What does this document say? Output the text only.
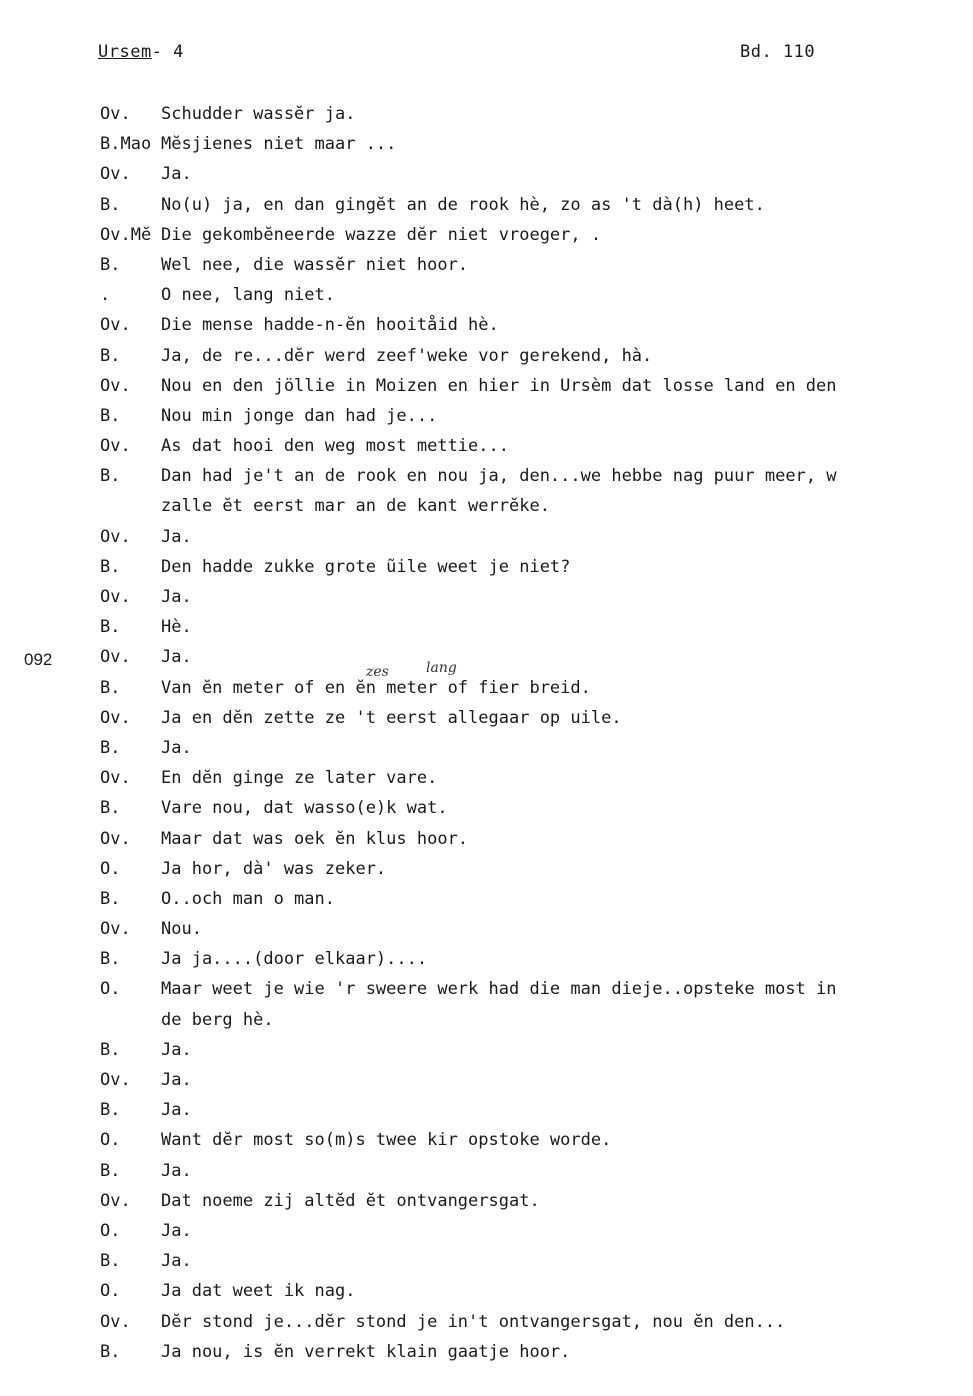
Ursem- 4	Bd. 110
092
zes	lang
Ov.	Schudder wassĕr ja.
B.Mao Mĕsjienes niet maar ...
Ov.	Ja.
B.	No(u) ja, en dan gingĕt an de rook hè, zo as 't dà(h) heet.
Ov.Mĕ Die gekombĕneerde wazze dĕr niet vroeger, .
B.	Wel nee, die wassĕr niet hoor.
.	O nee, lang niet.
Ov.	Die mense hadde-n-ĕn hooitåid hè.
B.	Ja, de re...dĕr werd zeef'weke vor gerekend, hà.
Ov.	Nou en den jöllie in Moizen en hier in Ursèm dat losse land en den
B.	Nou min jonge dan had je...
Ov.	As dat hooi den weg most mettie...
B.	Dan had je't an de rook en nou ja, den...we hebbe nag puur meer, w
zalle ĕt eerst mar an de kant werrĕke.
Ov.	Ja.
B.	Den hadde zukke grote ũile weet je niet?
Ov.	Ja.
B.	Hè.
Ov.	Ja.
B.	Van ĕn meter of en ĕn meter of fier breid.
Ov.	Ja en dĕn zette ze 't eerst allegaar op uile.
B.	Ja.
Ov.	En dĕn ginge ze later vare.
B.	Vare nou, dat wasso(e)k wat.
Ov.	Maar dat was oek ĕn klus hoor.
O.	Ja hor, dà' was zeker.
B.	O..och man o man.
Ov.	Nou.
B.	Ja ja....(door elkaar)....
O.	Maar weet je wie 'r sweere werk had die man dieje..opsteke most in
de berg hè.
B.	Ja.
Ov.	Ja.
B.	Ja.
O.	Want dĕr most so(m)s twee kir opstoke worde.
B.	Ja.
Ov.	Dat noeme zij altĕd ĕt ontvangersgat.
O.	Ja.
B.	Ja.
O.	Ja dat weet ik nag.
Ov.	Dĕr stond je...dĕr stond je in't ontvangersgat, nou ĕn den...
B.	Ja nou, is ĕn verrekt klain gaatje hoor.
